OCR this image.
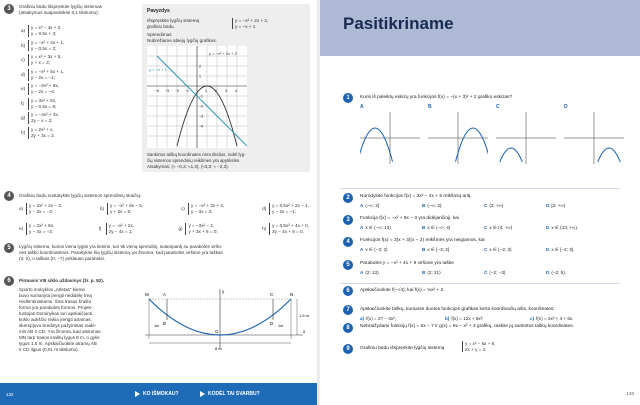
3	Grafiniu būdu išspręskite lygčių sistemas
(atsakymus suapvalinkite 0,1 tikslumu):
a)
y = x² − 4x + 2,
y = 0,5x + 3;
b)
y = −x² + 4x + 1,
y − 0,5x = 2;
c)
y = x² + 3x + 5,
y + x = 3;
d)
y = −x² + 5x + 1,
y − 2x = −1;
e)
y = −2x² + 5x,
y − 2x = −4;
f)
y = 3x² + 6x,
y − 0,5x = 5;
g)
y = −4x² + 4x,
2y − x = 2;
h)
y = 2x² + x,
2y + 3x = 2.
Pavyzdys
Išspręskite lygčių sistemą
grafiniu būdu.
y = −x² + 2x + 2,
y = −x + 1
Sprendimas
Nubrėžiame abiejų lygčių grafikus.
y = −x² + 2x + 2
y = −x + 1
−4 −3 −2 −1	1 2 3 4
2
1
−1
−2
−3
−4
Sankirtos taškų koordinatės nėra tikslios, todėl lyg-
čių sistemos sprendinių reikšmes yra apytikslės.
Atsakymas: (≈ −0,3; ≈1,3), (≈3,3; ≈ −2,3).
4	Grafiniu būdu nustatykite lygčių sistemos sprendinių skaičių:
a)
y = 2x² + 4x − 3,
y − 3x = −2;
b)
y = −x² + 6x − 5,
y + 2x = 6;
c)
y = −x² + 3x + 2,
y − 3x = 2;
d)
y = 0,5x² + 2x − 1,
y − 2x = −1;
e)
y = 2x² + 6x,
y − 4x = −2;
f)
y = −x² + 2x,
2y − 4x = 1;
g)
y = −3x² − 2,
y + 3x + 6 = 0;
h)
y = 0,5x² + 4x + 0,
2y − 4x + 8 = 0.
5	Lygčių sistema, kurios viena lygtis yra tiesinė, turi tik vieną sprendinį, sutampantį su parabolės viršū-
nės taško koordinatėmis. Parašykite šią lygčių sistemą, jei žinoma, kad parabolės viršūnė yra taškas
(3; 2), o taškas (0; −7) priklauso parabolei.
6	Pirmasis VIII ciklo uždavinys (žr. p. 92).
Sporto mokyklos „Atletas" kieme
buvo sumanyta įrengti nedidelę treą
riedlentininkams. Šios trasos krašto
forma yra parabolės formos. Projek-
tuotojas Dominykas turi apskaičiuoti,
kokio aukščio reikia įrengti atramas,
skersp]uvo bredinys pažymėtas raidė-
mis AB ir CD. Yra žinoma, kad atstumas
MN tarp trasos kraštų lygus 8 m, o gylis
lygus 1,5 m. Apskaičiuokite atramų AB
ir CD ilgius (0,01 m tikslumu).
M	N
A
B
C
D
y
x
O
1,5 m
8 m
1m	1m
132	KO IŠMOKAU?	KODĖL TAI SVARBU?
Pasitikriname
1	Kuris iš paleiktų eskizų yra funkcijos f(x) = −(x + 3)² + 2 grafiko eskizas?
A	B	C	D
2	Nurodykite funkcijos f(x) = 3x² − 4x + 5 reikšmių aritį.
A (−∞; 2]	B (−∞; 2)	C (2; +∞)	D [2; +∞)
3	Funkcija f(x) = −x² + 8x − 3 yra didėjančioji, kai
A x ∈ (−∞; 13)	B x ∈ (−∞; 4)	C x ∈ (4; +∞)	D x ∈ (13; +∞).
4	Funkcijos f(x) = 3(x + 3)(x − 2) reikšmės yra neigiamos, kai
A x ∈ (−3; 2)	B x ∈ [−3; 2]	C x ∈ (−2; 3)	D x ∈ [−2; 3].
5	Parabolės y = −x² + 4x + 9 viršūnė yra taške
A (2; 13)	B (2; 21)	C (−2; −3)	D (−2; 5).
6	Apskaičiuokite f(−√4), kai f(x) = ⅓x² + 2.
7	Apskaičiuokite taškų, kuriuose duotos funkcijos grafikas kerta koordinačių ašis, koordinates:
a) f(x) = 2? − 3x²;	b) f(x) = 12x + 6x²;	c) f(x) = 2x² + 4 + 6x.
8	Nebraižydami funkcijų f(x) = 6x − 7 ir g(x) = 9x − x² + 3 grafikų, raskite jų sankirtos taškų koordinates.
9	Grafiniu būdu išspręskite lygčių sistemą
y = x² − 6x + 8,
2x + y = 4.
133
